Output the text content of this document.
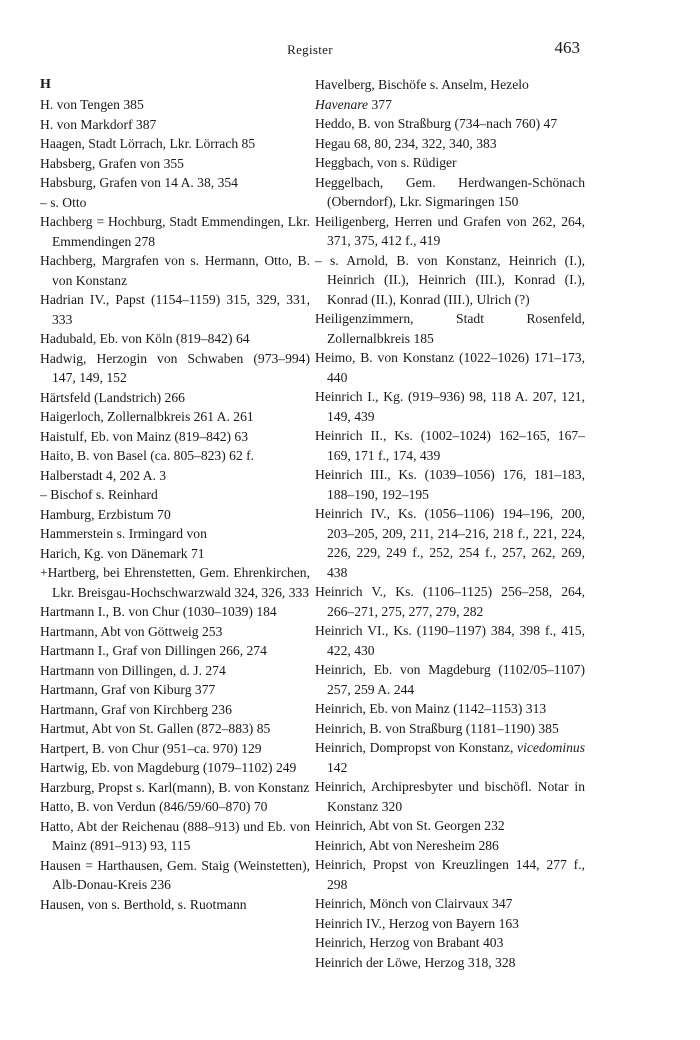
Register	463
H

H. von Tengen 385

H. von Markdorf 387

Haagen, Stadt Lörrach, Lkr. Lörrach 85

Habsberg, Grafen von 355

Habsburg, Grafen von 14 A. 38, 354

– s. Otto

Hachberg = Hochburg, Stadt Emmendingen, Lkr. Emmendingen 278

Hachberg, Margrafen von s. Hermann, Otto, B. von Konstanz

Hadrian IV., Papst (1154–1159) 315, 329, 331, 333

Hadubald, Eb. von Köln (819–842) 64

Hadwig, Herzogin von Schwaben (973–994) 147, 149, 152

Härtsfeld (Landstrich) 266

Haigerloch, Zollernalbkreis 261 A. 261

Haistulf, Eb. von Mainz (819–842) 63

Haito, B. von Basel (ca. 805–823) 62 f.

Halberstadt 4, 202 A. 3

– Bischof s. Reinhard

Hamburg, Erzbistum 70

Hammerstein s. Irmingard von

Harich, Kg. von Dänemark 71

+Hartberg, bei Ehrenstetten, Gem. Ehrenkirchen, Lkr. Breisgau-Hochschwarzwald 324, 326, 333

Hartmann I., B. von Chur (1030–1039) 184

Hartmann, Abt von Göttweig 253

Hartmann I., Graf von Dillingen 266, 274

Hartmann von Dillingen, d. J. 274

Hartmann, Graf von Kiburg 377

Hartmann, Graf von Kirchberg 236

Hartmut, Abt von St. Gallen (872–883) 85

Hartpert, B. von Chur (951–ca. 970) 129

Hartwig, Eb. von Magdeburg (1079–1102) 249

Harzburg, Propst s. Karl(mann), B. von Konstanz

Hatto, B. von Verdun (846/59/60–870) 70

Hatto, Abt der Reichenau (888–913) und Eb. von Mainz (891–913) 93, 115

Hausen = Harthausen, Gem. Staig (Weinstetten), Alb-Donau-Kreis 236

Hausen, von s. Berthold, s. Ruotmann

Havelberg, Bischöfe s. Anselm, Hezelo

Havenare 377

Heddo, B. von Straßburg (734–nach 760) 47

Hegau 68, 80, 234, 322, 340, 383

Heggbach, von s. Rüdiger

Heggelbach, Gem. Herdwangen-Schönach (Oberndorf), Lkr. Sigmaringen 150

Heiligenberg, Herren und Grafen von 262, 264, 371, 375, 412 f., 419

– s. Arnold, B. von Konstanz, Heinrich (I.), Heinrich (II.), Heinrich (III.), Konrad (I.), Konrad (II.), Konrad (III.), Ulrich (?)

Heiligenzimmern, Stadt Rosenfeld, Zollernalbkreis 185

Heimo, B. von Konstanz (1022–1026) 171–173, 440

Heinrich I., Kg. (919–936) 98, 118 A. 207, 121, 149, 439

Heinrich II., Ks. (1002–1024) 162–165, 167–169, 171 f., 174, 439

Heinrich III., Ks. (1039–1056) 176, 181–183, 188–190, 192–195

Heinrich IV., Ks. (1056–1106) 194–196, 200, 203–205, 209, 211, 214–216, 218 f., 221, 224, 226, 229, 249 f., 252, 254 f., 257, 262, 269, 438

Heinrich V., Ks. (1106–1125) 256–258, 264, 266–271, 275, 277, 279, 282

Heinrich VI., Ks. (1190–1197) 384, 398 f., 415, 422, 430

Heinrich, Eb. von Magdeburg (1102/05–1107) 257, 259 A. 244

Heinrich, Eb. von Mainz (1142–1153) 313

Heinrich, B. von Straßburg (1181–1190) 385

Heinrich, Dompropst von Konstanz, vicedominus 142

Heinrich, Archipresbyter und bischöfl. Notar in Konstanz 320

Heinrich, Abt von St. Georgen 232

Heinrich, Abt von Neresheim 286

Heinrich, Propst von Kreuzlingen 144, 277 f., 298

Heinrich, Mönch von Clairvaux 347

Heinrich IV., Herzog von Bayern 163

Heinrich, Herzog von Brabant 403

Heinrich der Löwe, Herzog 318, 328
